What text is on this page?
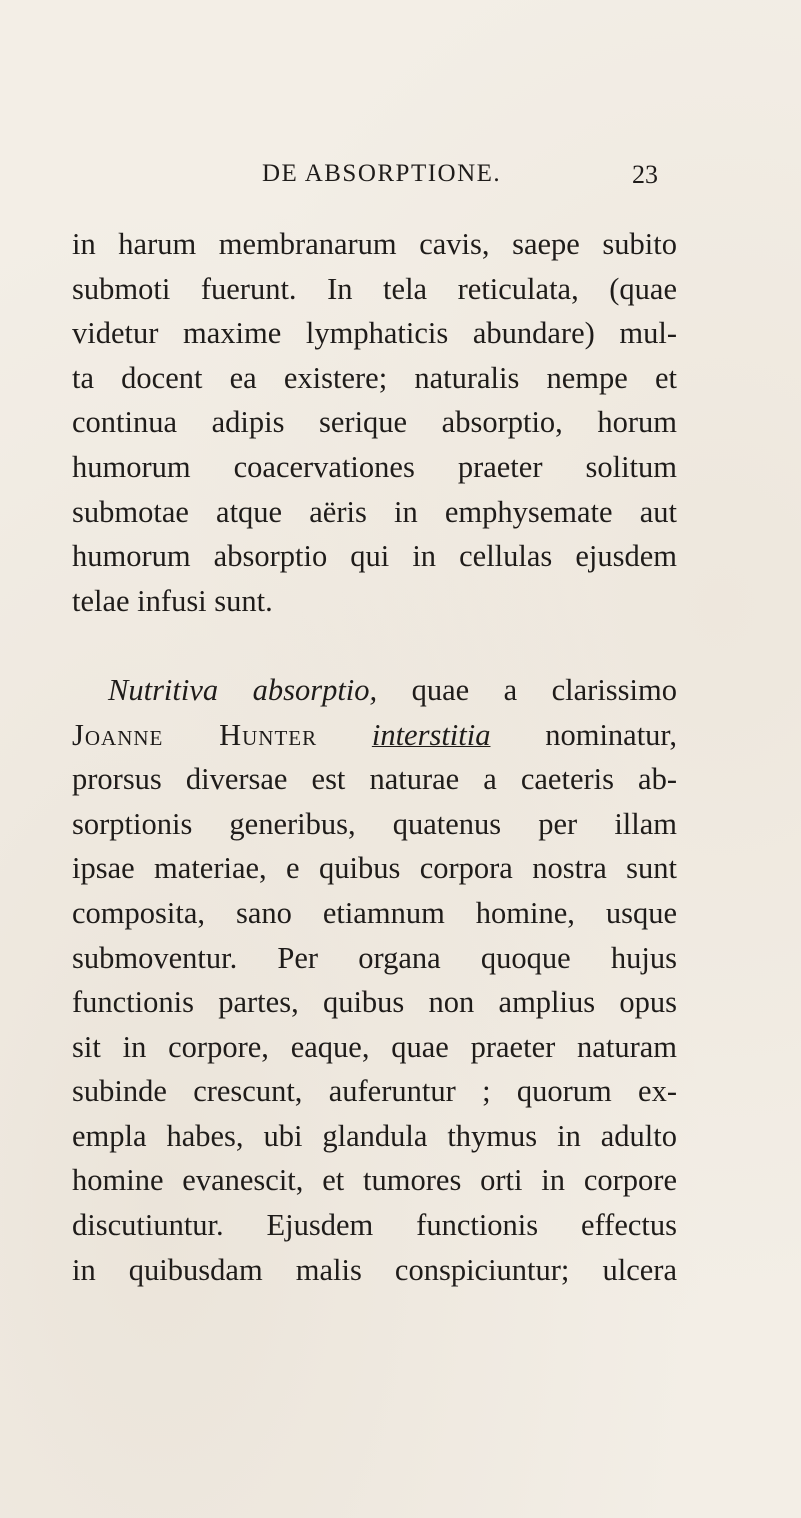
DE ABSORPTIONE.	23
in harum membranarum cavis, saepe subito
submoti fuerunt. In tela reticulata, (quae
videtur maxime lymphaticis abundare) mul-
ta docent ea existere; naturalis nempe et
continua adipis serique absorptio, horum
humorum coacervationes praeter solitum
submotae atque aëris in emphysemate aut
humorum absorptio qui in cellulas ejusdem
telae infusi sunt.
Nutritiva absorptio, quae a clarissimo
Joanne Hunter interstitia nominatur,
prorsus diversae est naturae a caeteris ab-
sorptionis generibus, quatenus per illam
ipsae materiae, e quibus corpora nostra sunt
composita, sano etiamnum homine, usque
submoventur. Per organa quoque hujus
functionis partes, quibus non amplius opus
sit in corpore, eaque, quae praeter naturam
subinde crescunt, auferuntur ; quorum ex-
empla habes, ubi glandula thymus in adulto
homine evanescit, et tumores orti in corpore
discutiuntur. Ejusdem functionis effectus
in quibusdam malis conspiciuntur; ulcera
